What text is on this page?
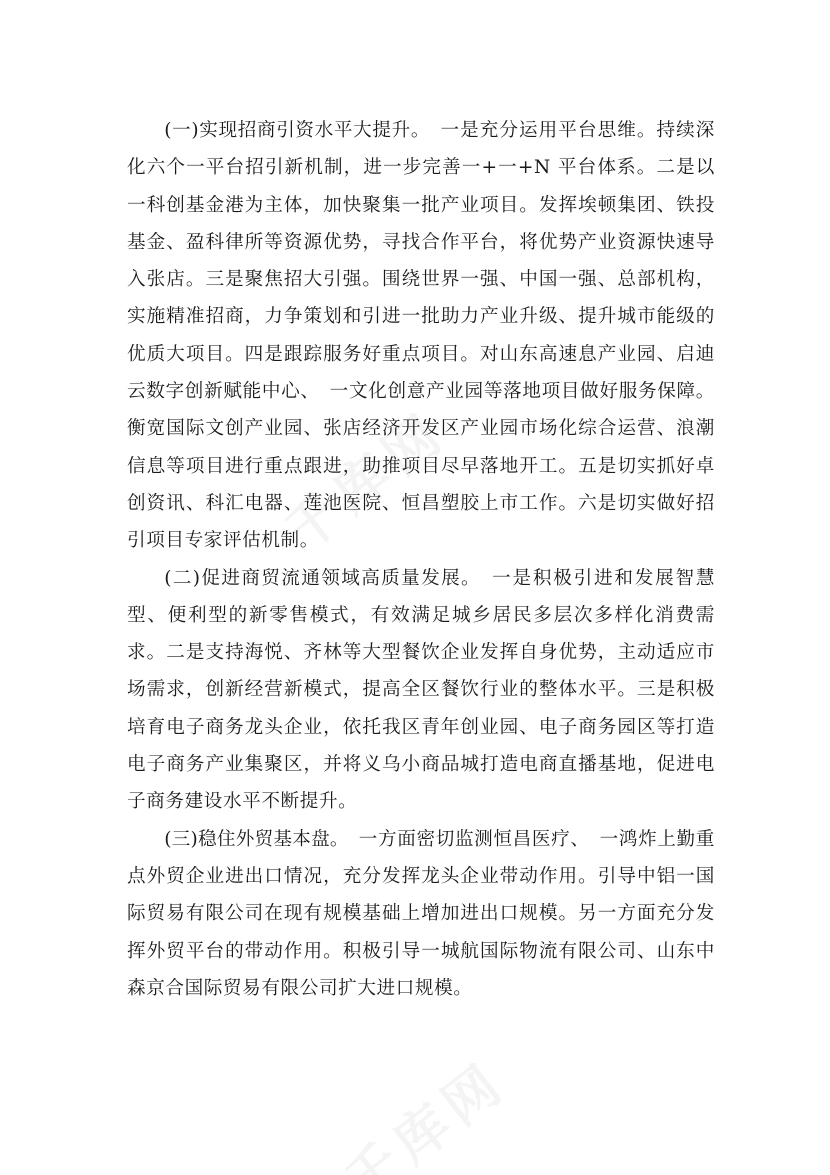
(一)实现招商引资水平大提升。　一是充分运用平台思维。持续深化六个一平台招引新机制，进一步完善一+一+N 平台体系。二是以一科创基金港为主体，加快聚集一批产业项目。发挥埃顿集团、铁投基金、盈科律所等资源优势，寻找合作平台，将优势产业资源快速导入张店。三是聚焦招大引强。围绕世界一强、中国一强、总部机构，实施精准招商，力争策划和引进一批助力产业升级、提升城市能级的优质大项目。四是跟踪服务好重点项目。对山东高速息产业园、启迪云数字创新赋能中心、　一文化创意产业园等落地项目做好服务保障。衡宽国际文创产业园、张店经济开发区产业园市场化综合运营、浪潮信息等项目进行重点跟进，助推项目尽早落地开工。五是切实抓好卓创资讯、科汇电器、莲池医院、恒昌塑胶上市工作。六是切实做好招引项目专家评估机制。

(二)促进商贸流通领域高质量发展。　一是积极引进和发展智慧型、便利型的新零售模式，有效满足城乡居民多层次多样化消费需求。二是支持海悦、齐林等大型餐饮企业发挥自身优势，主动适应市场需求，创新经营新模式，提高全区餐饮行业的整体水平。三是积极培育电子商务龙头企业，依托我区青年创业园、电子商务园区等打造电子商务产业集聚区，并将义乌小商品城打造电商直播基地，促进电子商务建设水平不断提升。

(三)稳住外贸基本盘。　一方面密切监测恒昌医疗、　一鸿炸上勤重点外贸企业进出口情况，充分发挥龙头企业带动作用。引导中铝一国际贸易有限公司在现有规模基础上增加进出口规模。另一方面充分发挥外贸平台的带动作用。积极引导一城航国际物流有限公司、山东中森京合国际贸易有限公司扩大进口规模。
